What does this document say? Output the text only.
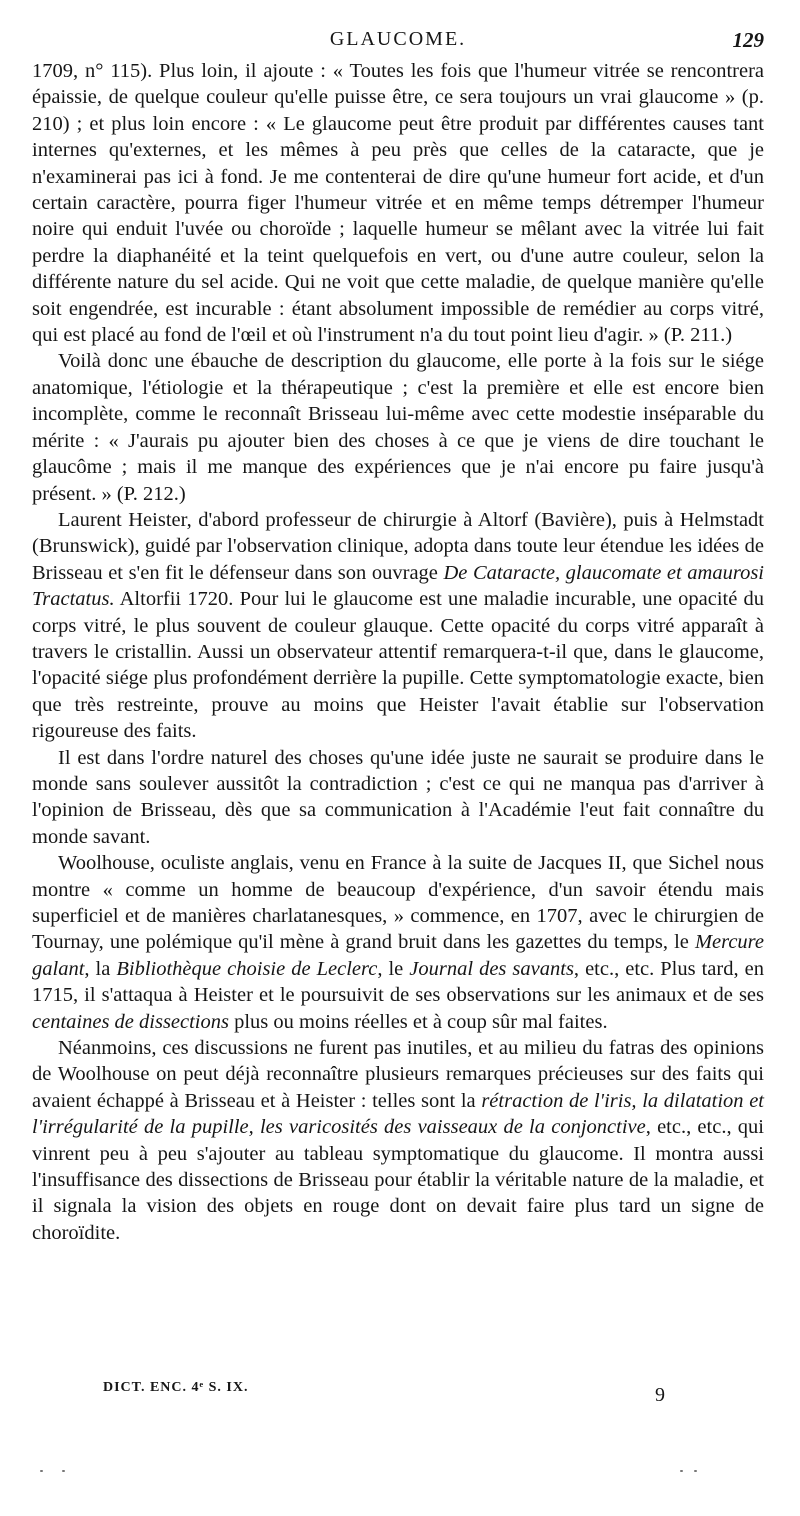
GLAUCOME.	129

1709, n° 115). Plus loin, il ajoute : « Toutes les fois que l'humeur vitrée se rencontrera épaissie, de quelque couleur qu'elle puisse être, ce sera toujours un vrai glaucome » (p. 210) ; et plus loin encore : « Le glaucome peut être produit par différentes causes tant internes qu'externes, et les mêmes à peu près que celles de la cataracte, que je n'examinerai pas ici à fond. Je me contenterai de dire qu'une humeur fort acide, et d'un certain caractère, pourra figer l'humeur vitrée et en même temps détremper l'humeur noire qui enduit l'uvée ou choroïde ; laquelle humeur se mêlant avec la vitrée lui fait perdre la diaphanéité et la teint quelquefois en vert, ou d'une autre couleur, selon la différente nature du sel acide. Qui ne voit que cette maladie, de quelque manière qu'elle soit engendrée, est incurable : étant absolument impossible de remédier au corps vitré, qui est placé au fond de l'œil et où l'instrument n'a du tout point lieu d'agir. » (P. 211.)

Voilà donc une ébauche de description du glaucome, elle porte à la fois sur le siége anatomique, l'étiologie et la thérapeutique ; c'est la première et elle est encore bien incomplète, comme le reconnaît Brisseau lui-même avec cette modestie inséparable du mérite : « J'aurais pu ajouter bien des choses à ce que je viens de dire touchant le glaucôme ; mais il me manque des expériences que je n'ai encore pu faire jusqu'à présent. » (P. 212.)

Laurent Heister, d'abord professeur de chirurgie à Altorf (Bavière), puis à Helmstadt (Brunswick), guidé par l'observation clinique, adopta dans toute leur étendue les idées de Brisseau et s'en fit le défenseur dans son ouvrage De Cataracte, glaucomate et amaurosi Tractatus. Altorfii 1720. Pour lui le glaucome est une maladie incurable, une opacité du corps vitré, le plus souvent de couleur glauque. Cette opacité du corps vitré apparaît à travers le cristallin. Aussi un observateur attentif remarquera-t-il que, dans le glaucome, l'opacité siége plus profondément derrière la pupille. Cette symptomatologie exacte, bien que très restreinte, prouve au moins que Heister l'avait établie sur l'observation rigoureuse des faits.

Il est dans l'ordre naturel des choses qu'une idée juste ne saurait se produire dans le monde sans soulever aussitôt la contradiction ; c'est ce qui ne manqua pas d'arriver à l'opinion de Brisseau, dès que sa communication à l'Académie l'eut fait connaître du monde savant.

Woolhouse, oculiste anglais, venu en France à la suite de Jacques II, que Sichel nous montre « comme un homme de beaucoup d'expérience, d'un savoir étendu mais superficiel et de manières charlatanesques, » commence, en 1707, avec le chirurgien de Tournay, une polémique qu'il mène à grand bruit dans les gazettes du temps, le Mercure galant, la Bibliothèque choisie de Leclerc, le Journal des savants, etc., etc. Plus tard, en 1715, il s'attaqua à Heister et le poursuivit de ses observations sur les animaux et de ses centaines de dissections plus ou moins réelles et à coup sûr mal faites.

Néanmoins, ces discussions ne furent pas inutiles, et au milieu du fatras des opinions de Woolhouse on peut déjà reconnaître plusieurs remarques précieuses sur des faits qui avaient échappé à Brisseau et à Heister : telles sont la rétraction de l'iris, la dilatation et l'irrégularité de la pupille, les varicosités des vaisseaux de la conjonctive, etc., etc., qui vinrent peu à peu s'ajouter au tableau symptomatique du glaucome. Il montra aussi l'insuffisance des dissections de Brisseau pour établir la véritable nature de la maladie, et il signala la vision des objets en rouge dont on devait faire plus tard un signe de choroïdite.

DICT. ENC. 4ᵉ S. IX.	9
